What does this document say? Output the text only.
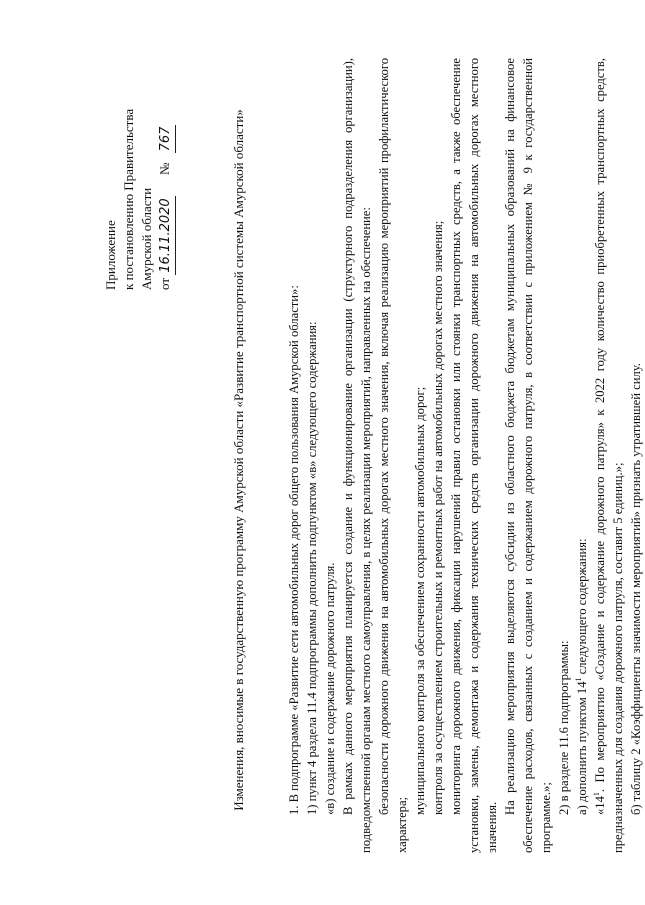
Приложение к постановлению Правительства Амурской области от 16.11.2020 № 767	Изменения, вносимые в государственную программу Амурской области «Развитие транспортной системы Амурской области»	1. В подпрограмме «Развитие сети автомобильных дорог общего пользования Амурской области»: 1) пункт 4 раздела 11.4 подпрограммы дополнить подпунктом «в» следующего содержания: «в) создание и содержание дорожного патруля. В рамках данного мероприятия планируется создание и функционирование организации (структурного подразделения организации), подведомственной органам местного самоуправления, в целях реализации мероприятий, направленных на обеспечение: безопасности дорожного движения на автомобильных дорогах местного значения, включая реализацию мероприятий профилактического характера;

муниципального контроля за обеспечением сохранности автомобильных дорог; контроля за осуществлением строительных и ремонтных работ на автомобильных дорогах местного значения; мониторинга дорожного движения, фиксации нарушений правил остановки или стоянки транспортных средств, а также обеспечение установки, замены, демонтажа и содержания технических средств организации дорожного движения на автомобильных дорогах местного значения.

На реализацию мероприятия выделяются субсидии из областного бюджета бюджетам муниципальных образований на финансовое обеспечение расходов, связанных с созданием и содержанием дорожного патруля, в соответствии с приложением № 9 к государственной программе.»;

2) в разделе 11.6 подпрограммы: а) дополнить пунктом $14^1$ следующего содержания:

«$14^1$. По мероприятию «Создание и содержание дорожного патруля» к 2022 году количество приобретенных транспортных средств, предназначенных для создания дорожного патруля, составит 5 единиц.»; б) таблицу 2 «Коэффициенты значимости мероприятий» признать утратившей силу.
